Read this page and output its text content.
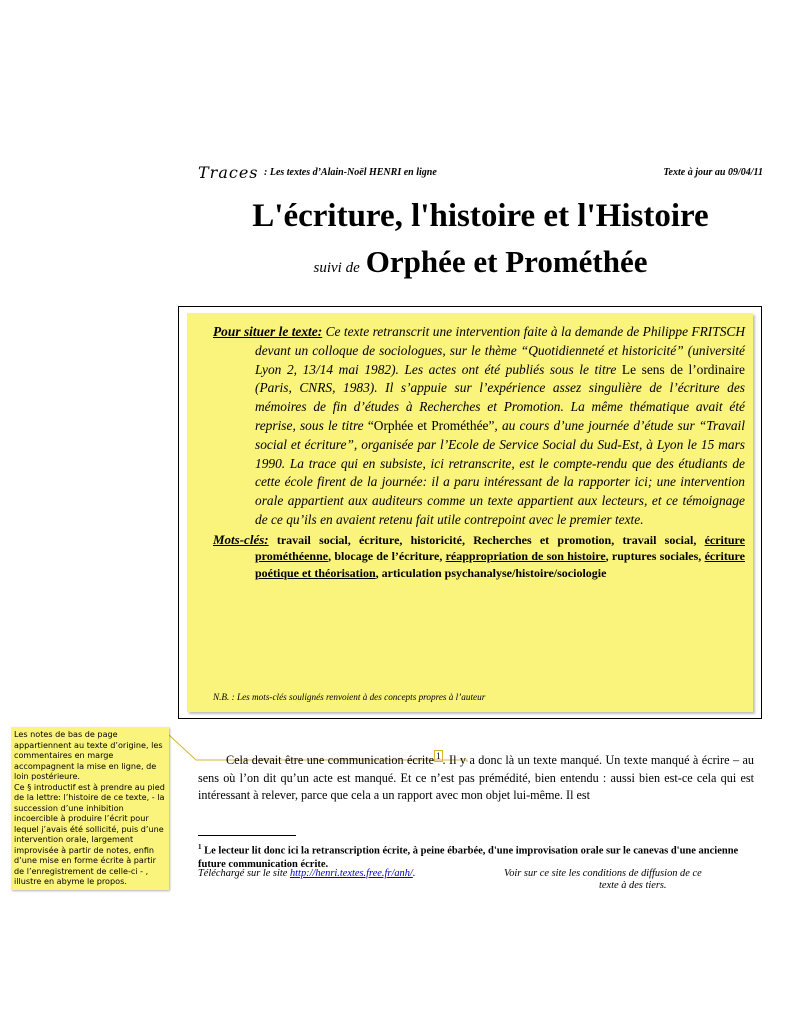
Traces : Les textes d’Alain-Noël HENRI en ligne	Texte à jour au 09/04/11
L'écriture, l'histoire et l'Histoire
suivi de Orphée et Prométhée

Pour situer le texte: Ce texte retranscrit une intervention faite à la demande de Philippe FRITSCH devant un colloque de sociologues, sur le thème “Quotidienneté et historicité” (université Lyon 2, 13/14 mai 1982). Les actes ont été publiés sous le titre Le sens de l’ordinaire (Paris, CNRS, 1983). Il s’appuie sur l’expérience assez singulière de l’écriture des mémoires de fin d’études à Recherches et Promotion. La même thématique avait été reprise, sous le titre “Orphée et Prométhée”, au cours d’une journée d’étude sur “Travail social et écriture”, organisée par l’Ecole de Service Social du Sud-Est, à Lyon le 15 mars 1990. La trace qui en subsiste, ici retranscrite, est le compte-rendu que des étudiants de cette école firent de la journée: il a paru intéressant de la rapporter ici; une intervention orale appartient aux auditeurs comme un texte appartient aux lecteurs, et ce témoignage de ce qu’ils en avaient retenu fait utile contrepoint avec le premier texte.

Mots-clés: travail social, écriture, historicité, Recherches et promotion, travail social, écriture prométhéenne, blocage de l’écriture, réappropriation de son histoire, ruptures sociales, écriture poétique et théorisation, articulation psychanalyse/histoire/sociologie

N.B. : Les mots-clés soulignés renvoient à des concepts propres à l’auteur

Les notes de bas de page appartiennent au texte d’origine, les commentaires en marge accompagnent la mise en ligne, de loin postérieure.

Ce § introductif est à prendre au pied de la lettre: l’histoire de ce texte, - la succession d’une inhibition incoercible à produire l’écrit pour lequel j’avais été sollicité, puis d’une intervention orale, largement improvisée à partir de notes, enfin d’une mise en forme écrite à partir de l’enregistrement de celle-ci - , illustre en abyme le propos.

Cela devait être une communication écrite $^1$ . Il y a donc là un texte manqué. Un texte manqué à écrire – au sens où l’on dit qu’un acte est manqué. Et ce n’est pas prémédité, bien entendu : aussi bien est-ce cela qui est intéressant à relever, parce que cela a un rapport avec mon objet lui-même. Il est

$^1$ Le lecteur lit donc ici la retranscription écrite, à peine ébarbée, d'une improvisation orale sur le canevas d'une ancienne future communication écrite.
Téléchargé sur le site http://henri.textes.free.fr/anh/.	Voir sur ce site les conditions de diffusion de ce
texte à des tiers.
